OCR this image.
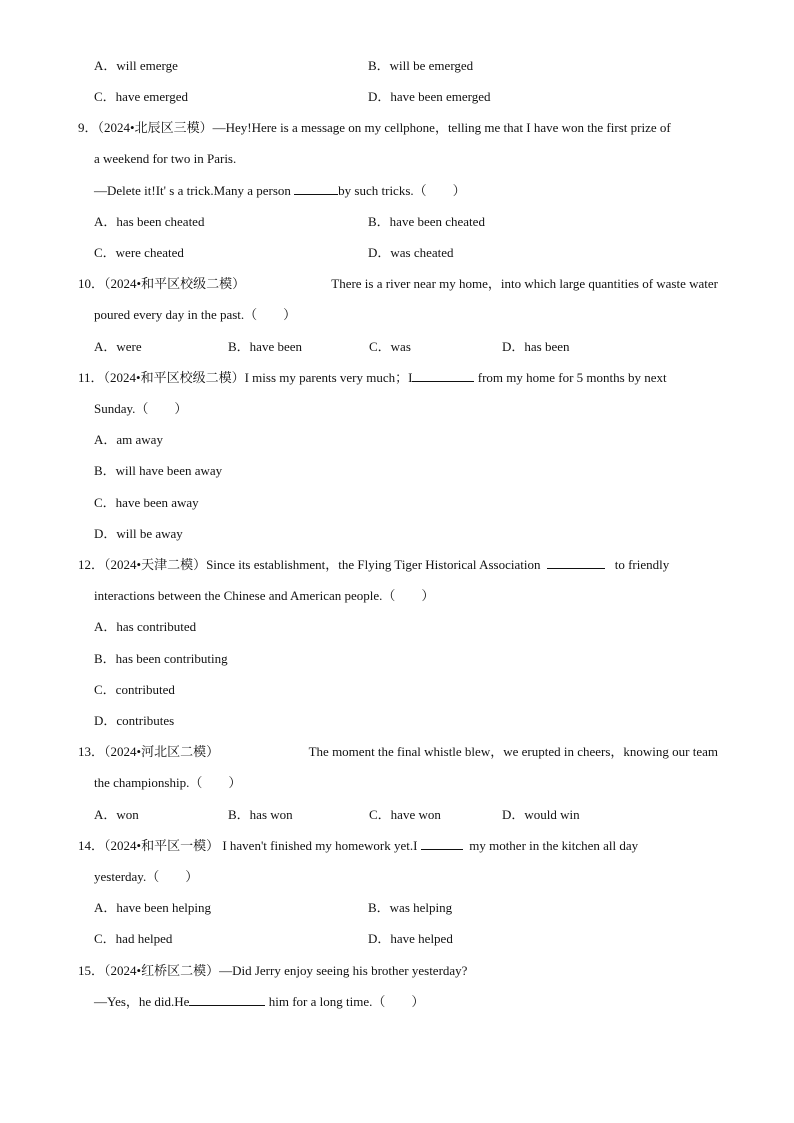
A．will emerge	B．will be emerged
C．have emerged	D．have been emerged
9．（2024•北辰区三模）—Hey!Here is a message on my cellphone，telling me that I have won the first prize of
a weekend for two in Paris.
—Delete it!It' s a trick.Many a person	by such tricks.（　　）
A．has been cheated	B．have been cheated
C．were cheated	D．was cheated
10．（2024•和平区校级二模）	There is a river near my home，into which large quantities of waste water
poured every day in the past.（　　）
A．were	B．have been	C．was	D．has been
11．（2024•和平区校级二模）I miss my parents very much；I	from my home for 5 months by next
Sunday.（　　）
A．am away
B．will have been away
C．have been away
D．will be away
12．（2024•天津二模）Since its establishment，the Flying Tiger Historical Association	to friendly
interactions between the Chinese and American people.（　　）
A．has contributed
B．has been contributing
C．contributed
D．contributes
13．（2024•河北区二模）	The moment the final whistle blew，we erupted in cheers，knowing our team
the championship.（　　）
A．won	B．has won	C．have won	D．would win
14．（2024•和平区一模） I haven't finished my homework yet.I	my mother in the kitchen all day
yesterday.（　　）
A．have been helping	B．was helping
C．had helped	D．have helped
15．（2024•红桥区二模）—Did Jerry enjoy seeing his brother yesterday?
—Yes，he did.He	him for a long time.（　　）
